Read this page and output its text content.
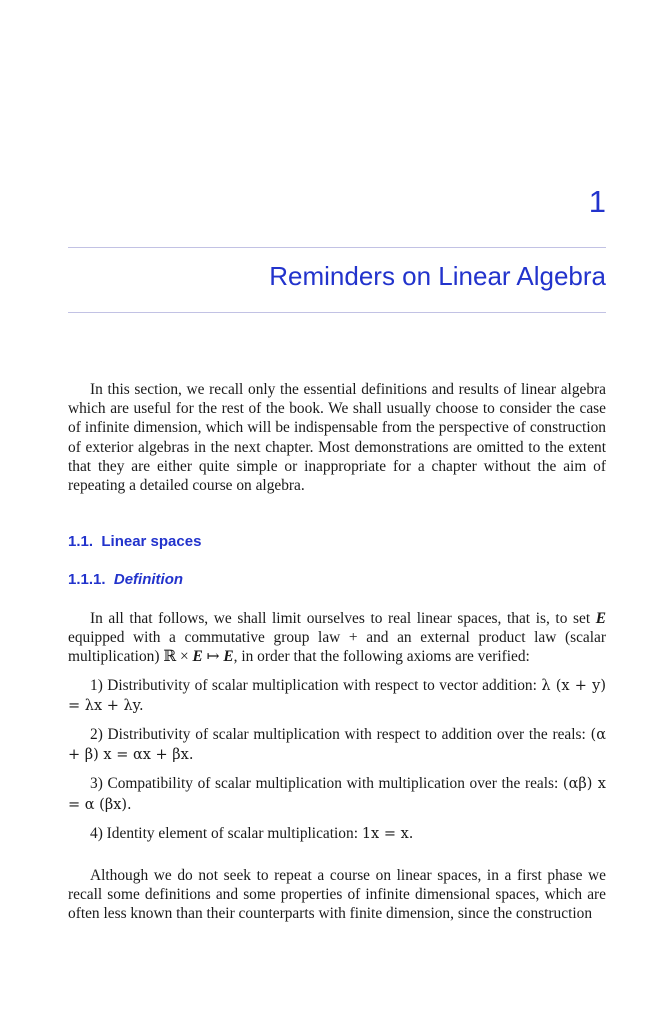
1
Reminders on Linear Algebra

In this section, we recall only the essential definitions and results of linear algebra which are useful for the rest of the book. We shall usually choose to consider the case of infinite dimension, which will be indispensable from the perspective of construction of exterior algebras in the next chapter. Most demonstrations are omitted to the extent that they are either quite simple or inappropriate for a chapter without the aim of repeating a detailed course on algebra.

1.1. Linear spaces
1.1.1. Definition

In all that follows, we shall limit ourselves to real linear spaces, that is, to set E equipped with a commutative group law + and an external product law (scalar multiplication) ℝ × E ↦ E, in order that the following axioms are verified:

1) Distributivity of scalar multiplication with respect to vector addition: λ (x + y) = λx + λy.

2) Distributivity of scalar multiplication with respect to addition over the reals: (α + β) x = αx + βx.

3) Compatibility of scalar multiplication with multiplication over the reals: (αβ) x = α (βx).

4) Identity element of scalar multiplication: 1x = x.

Although we do not seek to repeat a course on linear spaces, in a first phase we recall some definitions and some properties of infinite dimensional spaces, which are often less known than their counterparts with finite dimension, since the construction
